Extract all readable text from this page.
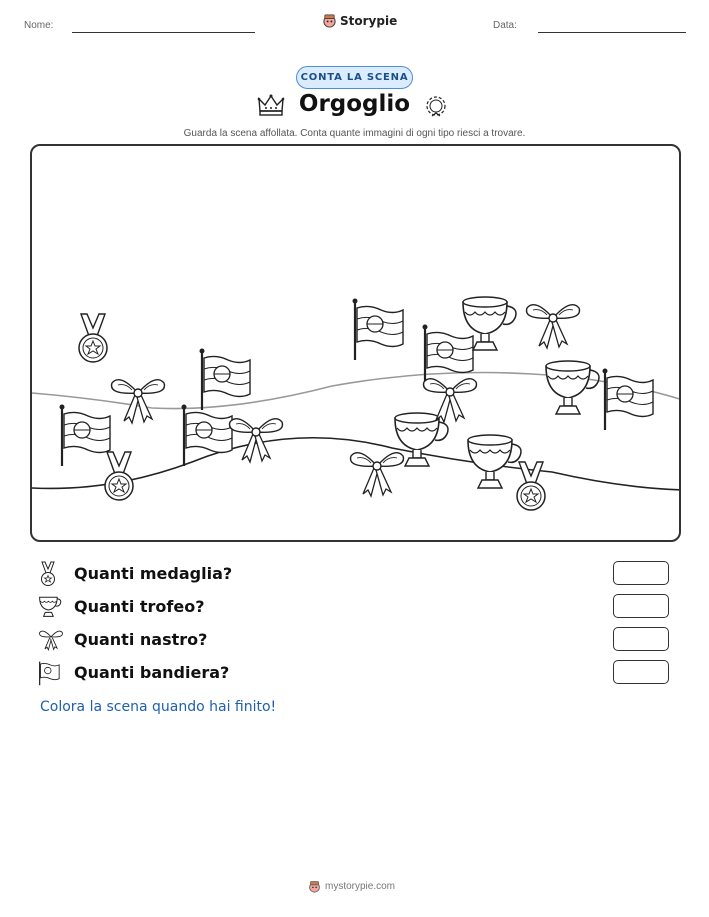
Nome:	Storypie	Data:
CONTA LA SCENA
Orgoglio
Guarda la scena affollata. Conta quante immagini di ogni tipo riesci a trovare.
Quanti medaglia?
Quanti trofeo?
Quanti nastro?
Quanti bandiera?
Colora la scena quando hai finito!
mystorypie.com
